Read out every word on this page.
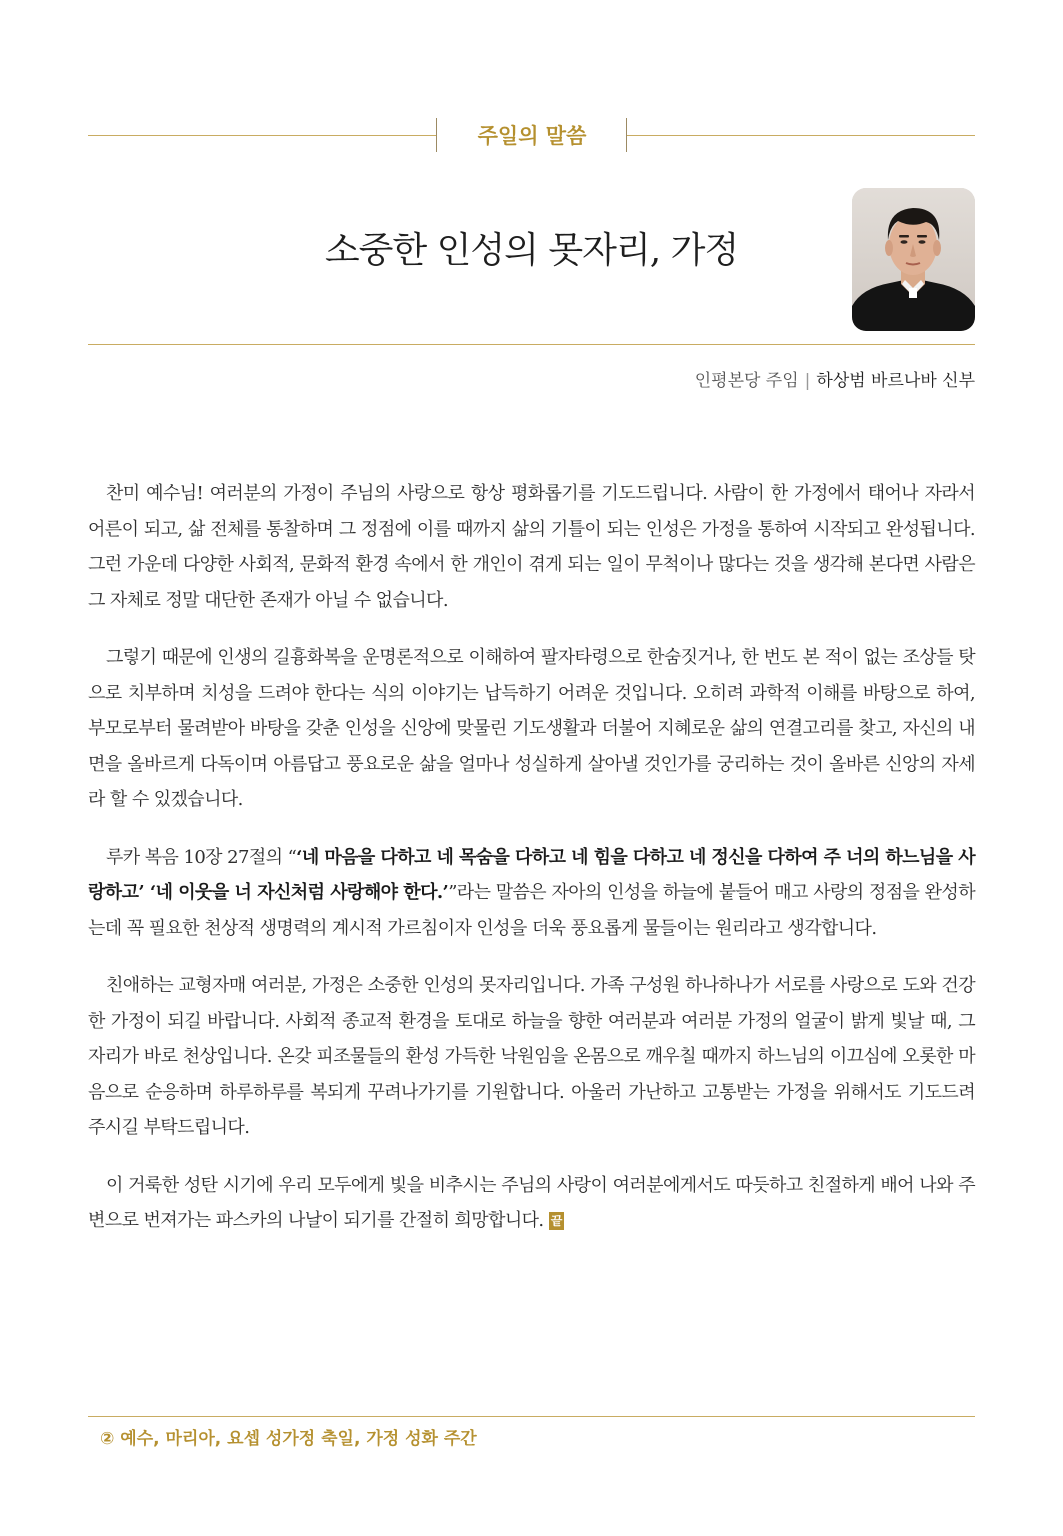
주일의 말씀
소중한 인성의 못자리, 가정
인평본당 주임 | 하상범 바르나바 신부

찬미 예수님! 여러분의 가정이 주님의 사랑으로 항상 평화롭기를 기도드립니다. 사람이 한 가정에서 태어나 자라서 어른이 되고, 삶 전체를 통찰하며 그 정점에 이를 때까지 삶의 기틀이 되는 인성은 가정을 통하여 시작되고 완성됩니다. 그런 가운데 다양한 사회적, 문화적 환경 속에서 한 개인이 겪게 되는 일이 무척이나 많다는 것을 생각해 본다면 사람은 그 자체로 정말 대단한 존재가 아닐 수 없습니다.

그렇기 때문에 인생의 길흉화복을 운명론적으로 이해하여 팔자타령으로 한숨짓거나, 한 번도 본 적이 없는 조상들 탓으로 치부하며 치성을 드려야 한다는 식의 이야기는 납득하기 어려운 것입니다. 오히려 과학적 이해를 바탕으로 하여, 부모로부터 물려받아 바탕을 갖춘 인성을 신앙에 맞물린 기도생활과 더불어 지혜로운 삶의 연결고리를 찾고, 자신의 내면을 올바르게 다독이며 아름답고 풍요로운 삶을 얼마나 성실하게 살아낼 것인가를 궁리하는 것이 올바른 신앙의 자세라 할 수 있겠습니다.

루카 복음 10장 27절의 “‘네 마음을 다하고 네 목숨을 다하고 네 힘을 다하고 네 정신을 다하여 주 너의 하느님을 사랑하고’ ‘네 이웃을 너 자신처럼 사랑해야 한다.’”라는 말씀은 자아의 인성을 하늘에 붙들어 매고 사랑의 정점을 완성하는데 꼭 필요한 천상적 생명력의 계시적 가르침이자 인성을 더욱 풍요롭게 물들이는 원리라고 생각합니다.

친애하는 교형자매 여러분, 가정은 소중한 인성의 못자리입니다. 가족 구성원 하나하나가 서로를 사랑으로 도와 건강한 가정이 되길 바랍니다. 사회적 종교적 환경을 토대로 하늘을 향한 여러분과 여러분 가정의 얼굴이 밝게 빛날 때, 그 자리가 바로 천상입니다. 온갖 피조물들의 환성 가득한 낙원임을 온몸으로 깨우칠 때까지 하느님의 이끄심에 오롯한 마음으로 순응하며 하루하루를 복되게 꾸려나가기를 기원합니다. 아울러 가난하고 고통받는 가정을 위해서도 기도드려 주시길 부탁드립니다.

이 거룩한 성탄 시기에 우리 모두에게 빛을 비추시는 주님의 사랑이 여러분에게서도 따듯하고 친절하게 배어 나와 주변으로 번져가는 파스카의 나날이 되기를 간절히 희망합니다. 끝

② 예수, 마리아, 요셉 성가정 축일, 가정 성화 주간
